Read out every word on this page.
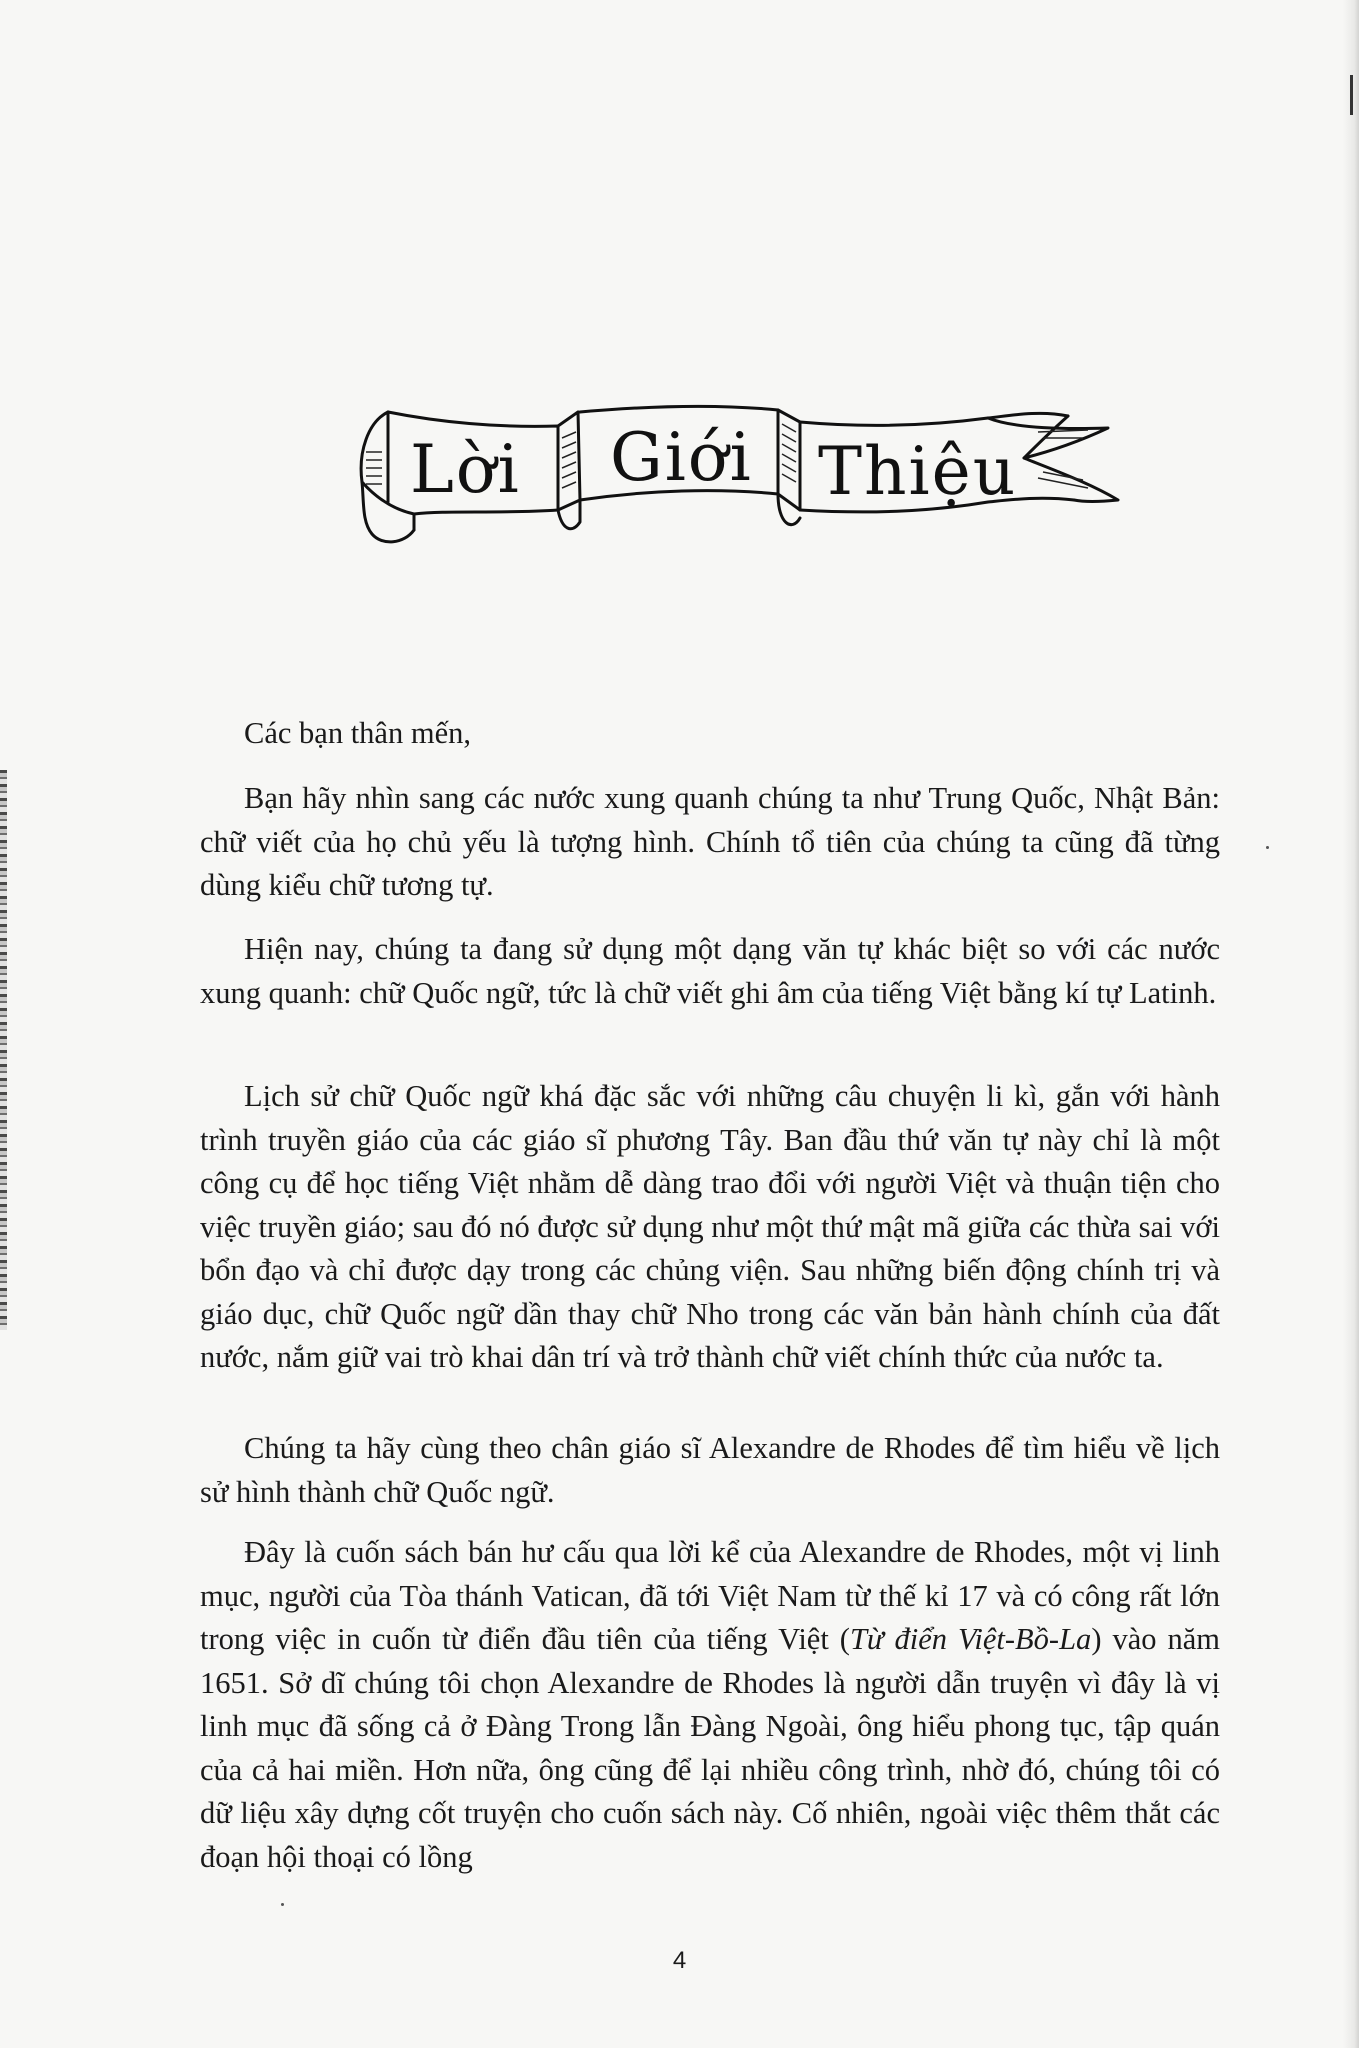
Lời Giới Thiệu

Các bạn thân mến,

Bạn hãy nhìn sang các nước xung quanh chúng ta như Trung Quốc, Nhật Bản: chữ viết của họ chủ yếu là tượng hình. Chính tổ tiên của chúng ta cũng đã từng dùng kiểu chữ tương tự.

Hiện nay, chúng ta đang sử dụng một dạng văn tự khác biệt so với các nước xung quanh: chữ Quốc ngữ, tức là chữ viết ghi âm của tiếng Việt bằng kí tự Latinh.

Lịch sử chữ Quốc ngữ khá đặc sắc với những câu chuyện li kì, gắn với hành trình truyền giáo của các giáo sĩ phương Tây. Ban đầu thứ văn tự này chỉ là một công cụ để học tiếng Việt nhằm dễ dàng trao đổi với người Việt và thuận tiện cho việc truyền giáo; sau đó nó được sử dụng như một thứ mật mã giữa các thừa sai với bổn đạo và chỉ được dạy trong các chủng viện. Sau những biến động chính trị và giáo dục, chữ Quốc ngữ dần thay chữ Nho trong các văn bản hành chính của đất nước, nắm giữ vai trò khai dân trí và trở thành chữ viết chính thức của nước ta.

Chúng ta hãy cùng theo chân giáo sĩ Alexandre de Rhodes để tìm hiểu về lịch sử hình thành chữ Quốc ngữ.

Đây là cuốn sách bán hư cấu qua lời kể của Alexandre de Rhodes, một vị linh mục, người của Tòa thánh Vatican, đã tới Việt Nam từ thế kỉ 17 và có công rất lớn trong việc in cuốn từ điển đầu tiên của tiếng Việt (Từ điển Việt-Bồ-La) vào năm 1651. Sở dĩ chúng tôi chọn Alexandre de Rhodes là người dẫn truyện vì đây là vị linh mục đã sống cả ở Đàng Trong lẫn Đàng Ngoài, ông hiểu phong tục, tập quán của cả hai miền. Hơn nữa, ông cũng để lại nhiều công trình, nhờ đó, chúng tôi có dữ liệu xây dựng cốt truyện cho cuốn sách này. Cố nhiên, ngoài việc thêm thắt các đoạn hội thoại có lồng

4
